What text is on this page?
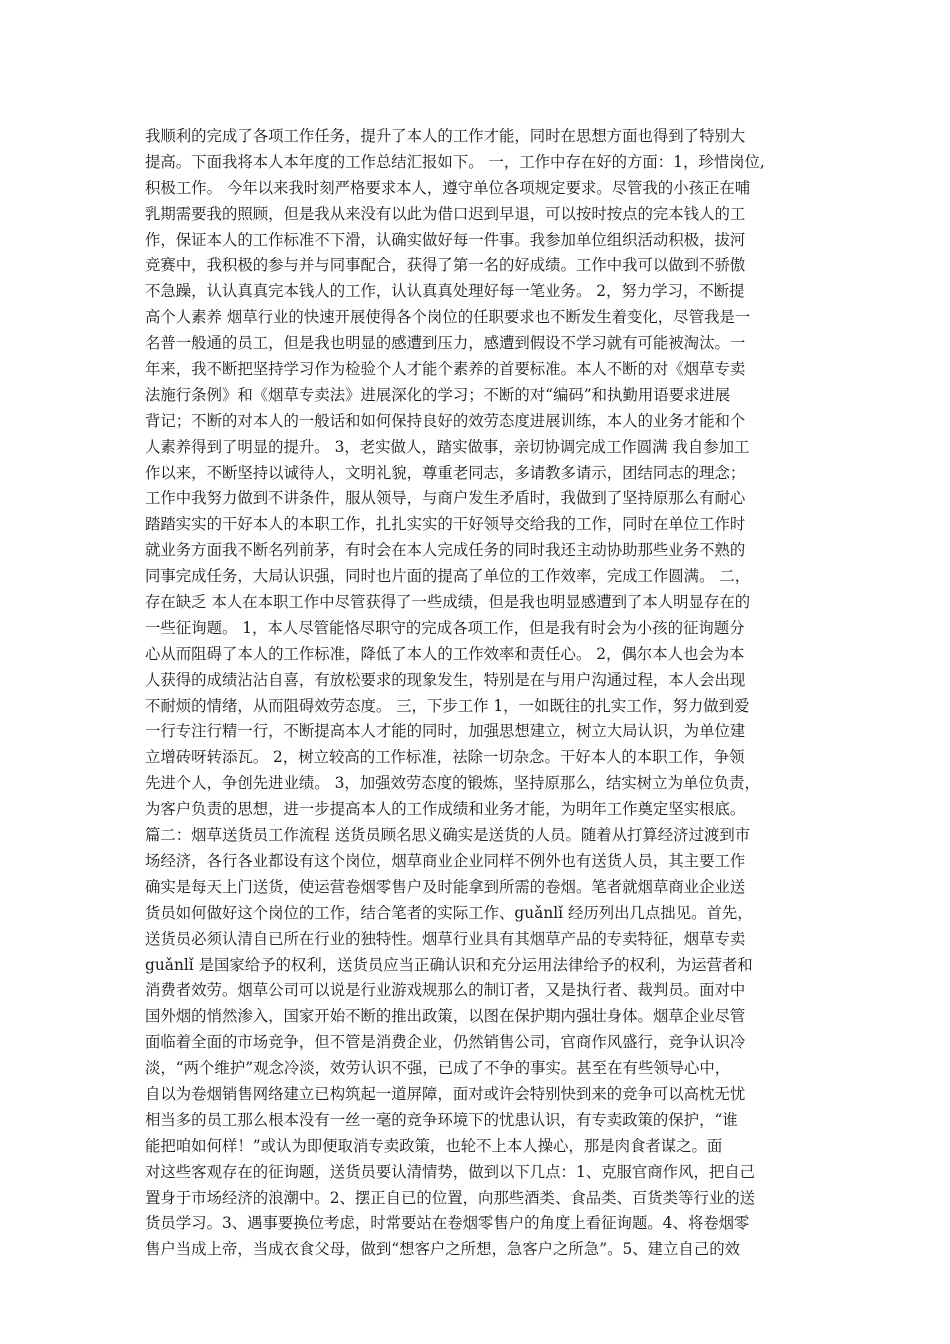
我顺利的完成了各项工作任务，提升了本人的工作才能，同时在思想方面也得到了特别大
提高。下面我将本人本年度的工作总结汇报如下。 一，工作中存在好的方面：1，珍惜岗位,
积极工作。 今年以来我时刻严格要求本人，遵守单位各项规定要求。尽管我的小孩正在哺
乳期需要我的照顾，但是我从来没有以此为借口迟到早退，可以按时按点的完本钱人的工
作，保证本人的工作标准不下滑，认确实做好每一件事。我参加单位组织活动积极，拔河
竞赛中，我积极的参与并与同事配合，获得了第一名的好成绩。工作中我可以做到不骄傲
不急躁，认认真真完本钱人的工作，认认真真处理好每一笔业务。 2，努力学习，不断提
高个人素养 烟草行业的快速开展使得各个岗位的任职要求也不断发生着变化，尽管我是一
名普一般通的员工，但是我也明显的感遭到压力，感遭到假设不学习就有可能被淘汰。一
年来，我不断把坚持学习作为检验个人才能个素养的首要标准。本人不断的对《烟草专卖
法施行条例》和《烟草专卖法》进展深化的学习；不断的对“编码”和执勤用语要求进展
背记；不断的对本人的一般话和如何保持良好的效劳态度进展训练，本人的业务才能和个
人素养得到了明显的提升。 3，老实做人，踏实做事，亲切协调完成工作圆满 我自参加工
作以来，不断坚持以诚待人，文明礼貌，尊重老同志，多请教多请示，团结同志的理念；
工作中我努力做到不讲条件，服从领导，与商户发生矛盾时，我做到了坚持原那么有耐心
踏踏实实的干好本人的本职工作，扎扎实实的干好领导交给我的工作，同时在单位工作时
就业务方面我不断名列前茅，有时会在本人完成任务的同时我还主动协助那些业务不熟的
同事完成任务，大局认识强，同时也片面的提高了单位的工作效率，完成工作圆满。 二，
存在缺乏 本人在本职工作中尽管获得了一些成绩，但是我也明显感遭到了本人明显存在的
一些征询题。 1，本人尽管能恪尽职守的完成各项工作，但是我有时会为小孩的征询题分
心从而阻碍了本人的工作标准，降低了本人的工作效率和责任心。 2，偶尔本人也会为本
人获得的成绩沾沾自喜，有放松要求的现象发生，特别是在与用户沟通过程，本人会出现
不耐烦的情绪，从而阻碍效劳态度。 三，下步工作 1，一如既往的扎实工作，努力做到爱
一行专注行精一行，不断提高本人才能的同时，加强思想建立，树立大局认识，为单位建
立增砖呀转添瓦。 2，树立较高的工作标准，祛除一切杂念。干好本人的本职工作，争领
先进个人，争创先进业绩。 3，加强效劳态度的锻炼，坚持原那么，结实树立为单位负责，
为客户负责的思想，进一步提高本人的工作成绩和业务才能，为明年工作奠定坚实根底。
篇二：烟草送货员工作流程 送货员顾名思义确实是送货的人员。随着从打算经济过渡到市
场经济，各行各业都设有这个岗位，烟草商业企业同样不例外也有送货人员，其主要工作
确实是每天上门送货，使运营卷烟零售户及时能拿到所需的卷烟。笔者就烟草商业企业送
货员如何做好这个岗位的工作，结合笔者的实际工作、guǎnlǐ 经历列出几点拙见。首先，
送货员必须认清自已所在行业的独特性。烟草行业具有其烟草产品的专卖特征，烟草专卖
guǎnlǐ 是国家给予的权利，送货员应当正确认识和充分运用法律给予的权利，为运营者和
消费者效劳。烟草公司可以说是行业游戏规那么的制订者，又是执行者、裁判员。面对中
国外烟的悄然渗入，国家开始不断的推出政策，以图在保护期内强壮身体。烟草企业尽管
面临着全面的市场竞争，但不管是消费企业，仍然销售公司，官商作风盛行，竞争认识冷
淡，“两个维护”观念冷淡，效劳认识不强，已成了不争的事实。甚至在有些领导心中，
自以为卷烟销售网络建立已构筑起一道屏障，面对或许会特别快到来的竞争可以高枕无忧
相当多的员工那么根本没有一丝一毫的竞争环境下的忧患认识，有专卖政策的保护，“谁
能把咱如何样！”或认为即便取消专卖政策，也轮不上本人操心，那是肉食者谋之。面
对这些客观存在的征询题，送货员要认清情势，做到以下几点：1、克服官商作风，把自己
置身于市场经济的浪潮中。2、摆正自已的位置，向那些酒类、食品类、百货类等行业的送
货员学习。3、遇事要换位考虑，时常要站在卷烟零售户的角度上看征询题。4、将卷烟零
售户当成上帝，当成衣食父母，做到“想客户之所想，急客户之所急”。5、建立自己的效
